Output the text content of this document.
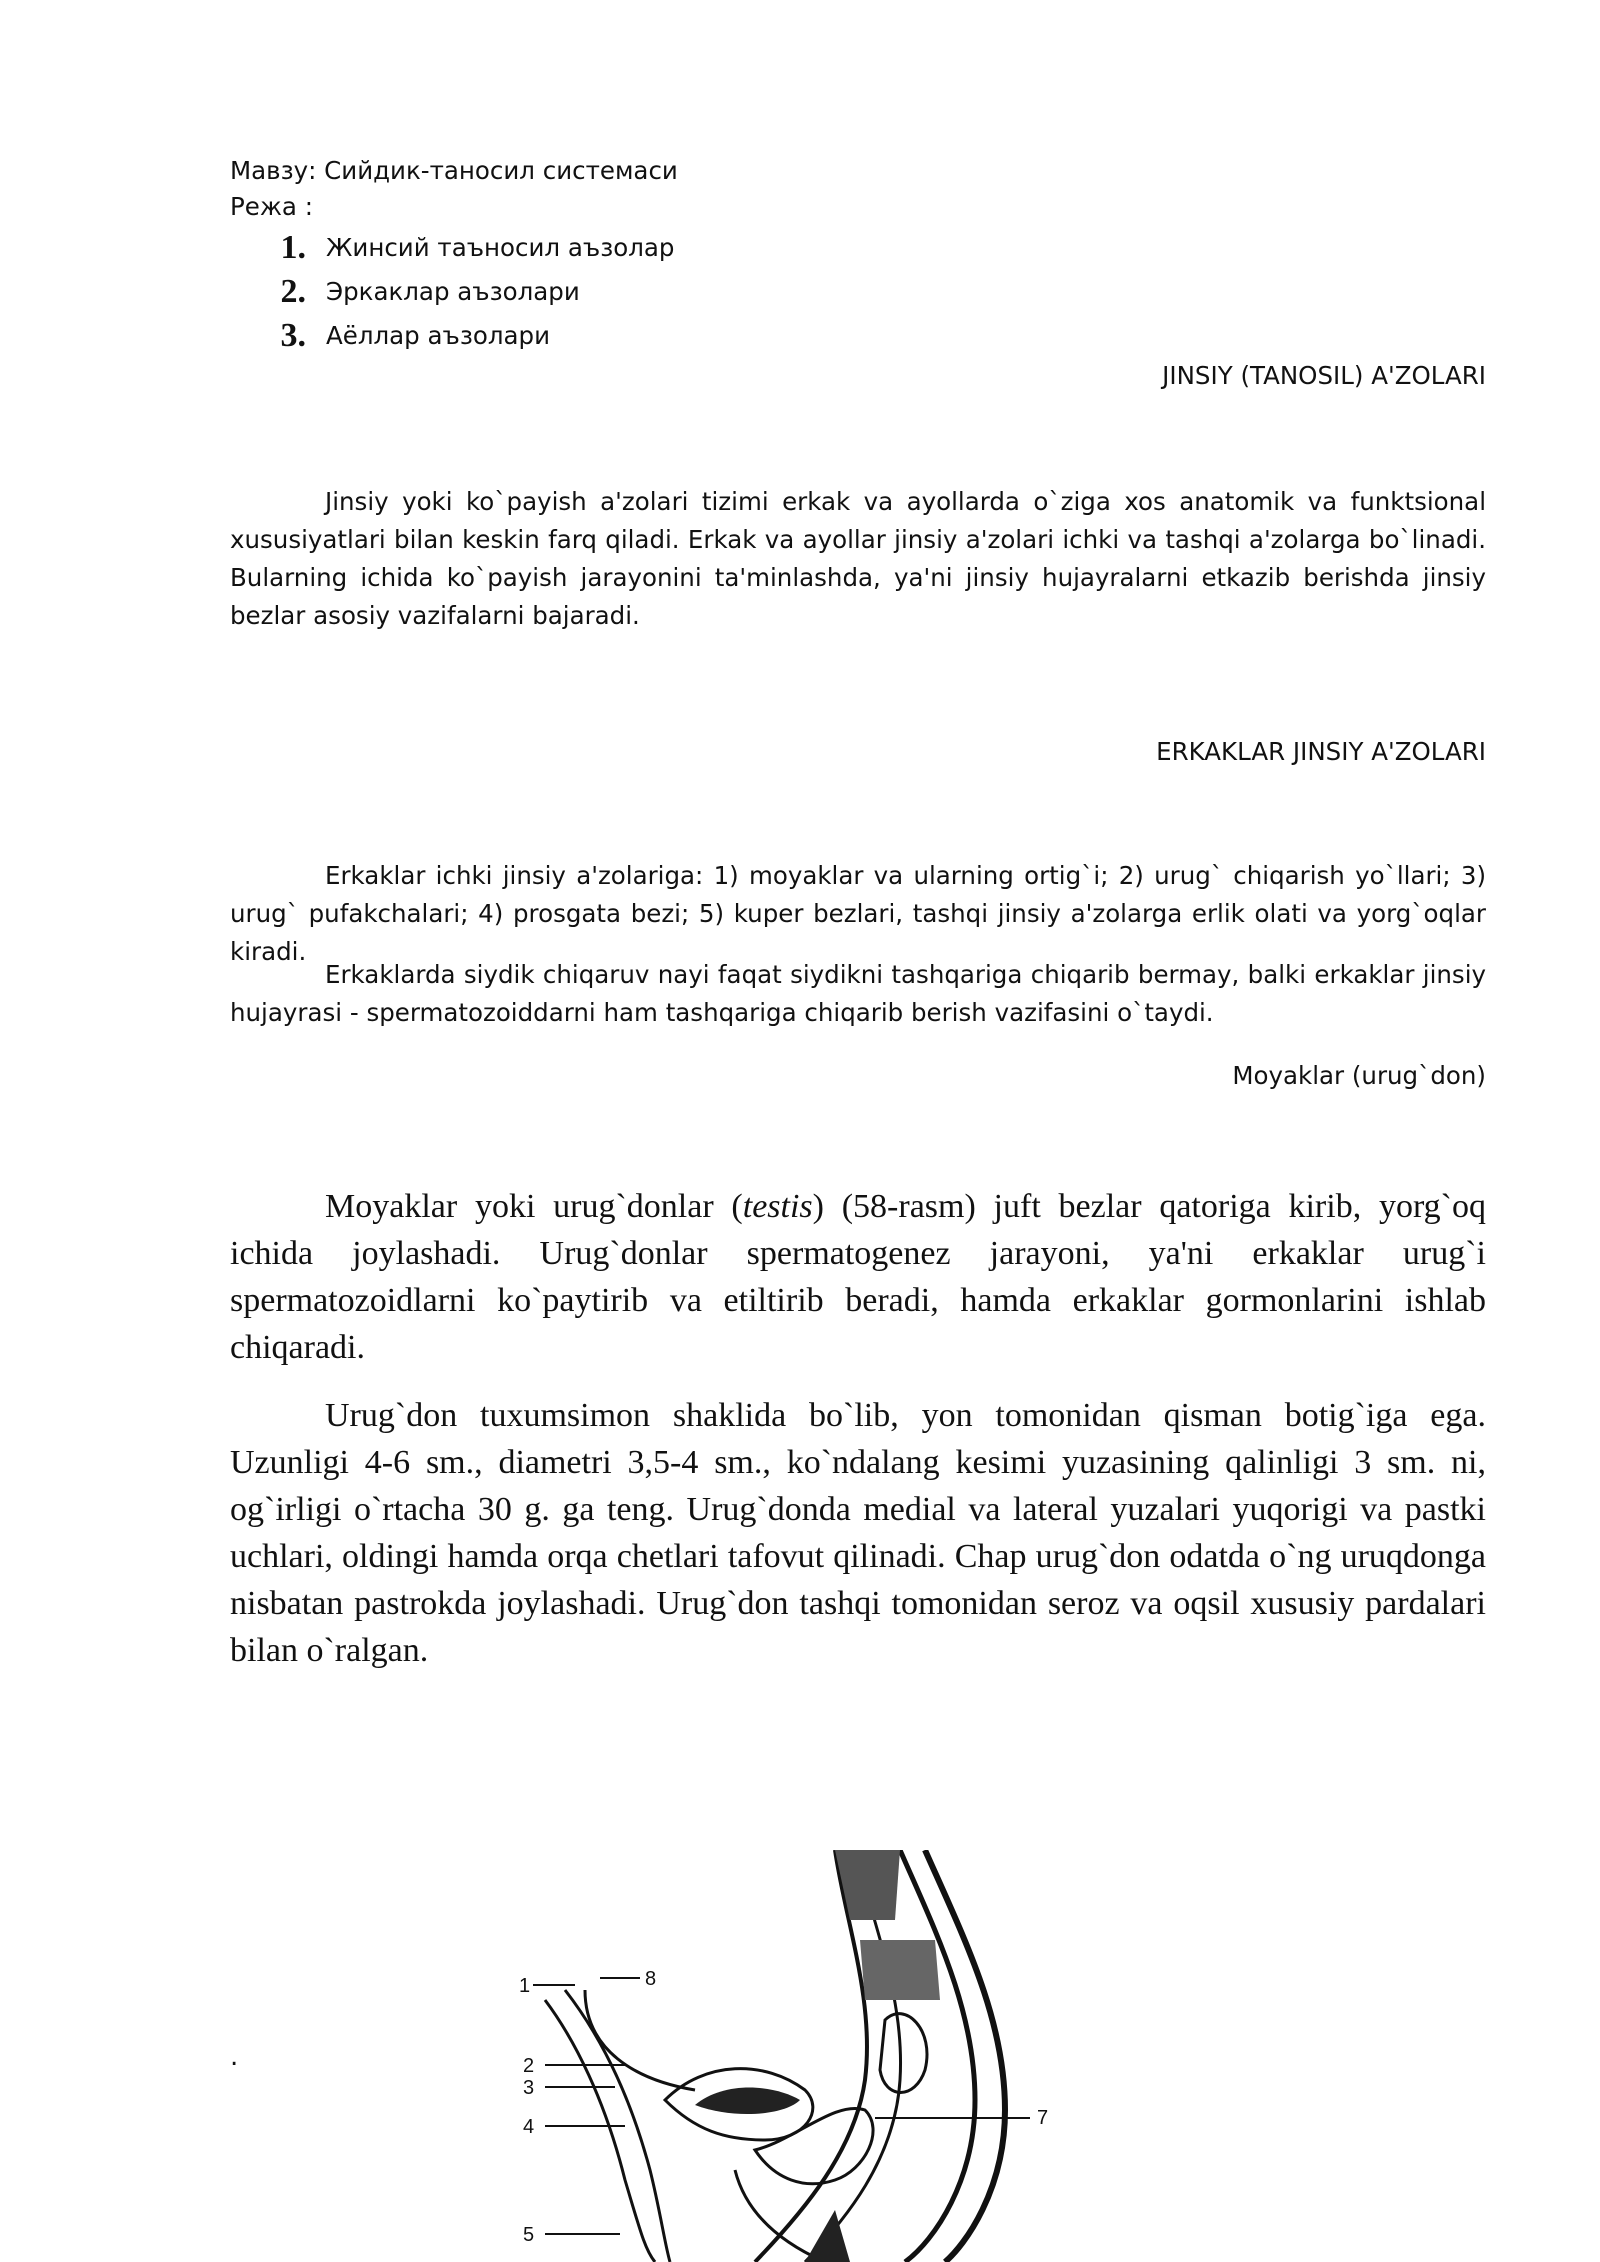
Мавзу: Сийдик-таносил системаси
Режа :
1. Жинсий таъносил аъзолар
2. Эркаклар аъзолари
3. Аёллар аъзолари
JINSIY (TANOSIL) A'ZOLARI

Jinsiy yoki ko`payish a'zolari tizimi erkak va ayollarda o`ziga xos anatomik va funktsional xususiyatlari bilan keskin farq qiladi. Erkak va ayollar jinsiy a'zolari ichki va tashqi a'zolarga bo`linadi. Bularning ichida ko`payish jarayonini ta'minlashda, ya'ni jinsiy hujayralarni etkazib berishda jinsiy bezlar asosiy vazifalarni bajaradi.

ERKAKLAR JINSIY A'ZOLARI

Erkaklar ichki jinsiy a'zolariga: 1) moyaklar va ularning ortig`i; 2) urug` chiqarish yo`llari; 3) urug` pufakchalari; 4) prosgata bezi; 5) kuper bezlari, tashqi jinsiy a'zolarga erlik olati va yorg`oqlar kiradi.

Erkaklarda siydik chiqaruv nayi faqat siydikni tashqariga chiqarib bermay, balki erkaklar jinsiy hujayrasi - spermatozoiddarni ham tashqariga chiqarib berish vazifasini o`taydi.

Moyaklar (urug`don)

Moyaklar yoki urug`donlar (testis) (58-rasm) juft bezlar qatoriga kirib, yorg`oq ichida joylashadi. Urug`donlar spermatogenez jarayoni, ya'ni erkaklar urug`i spermatozoidlarni ko`paytirib va etiltirib beradi, hamda erkaklar gormonlarini ishlab chiqaradi.

Urug`don tuxumsimon shaklida bo`lib, yon tomonidan qisman botig`iga ega. Uzunligi 4-6 sm., diametri 3,5-4 sm., ko`ndalang kesimi yuzasining qalinligi 3 sm. ni, og`irligi o`rtacha 30 g. ga teng. Urug`donda medial va lateral yuzalari yuqorigi va pastki uchlari, oldingi hamda orqa chetlari tafovut qilinadi. Chap urug`don odatda o`ng uruqdonga nisbatan pastrokda joylashadi. Urug`don tashqi tomonidan seroz va oqsil xususiy pardalari bilan o`ralgan.

.
1	8
2
3
4	7
5
